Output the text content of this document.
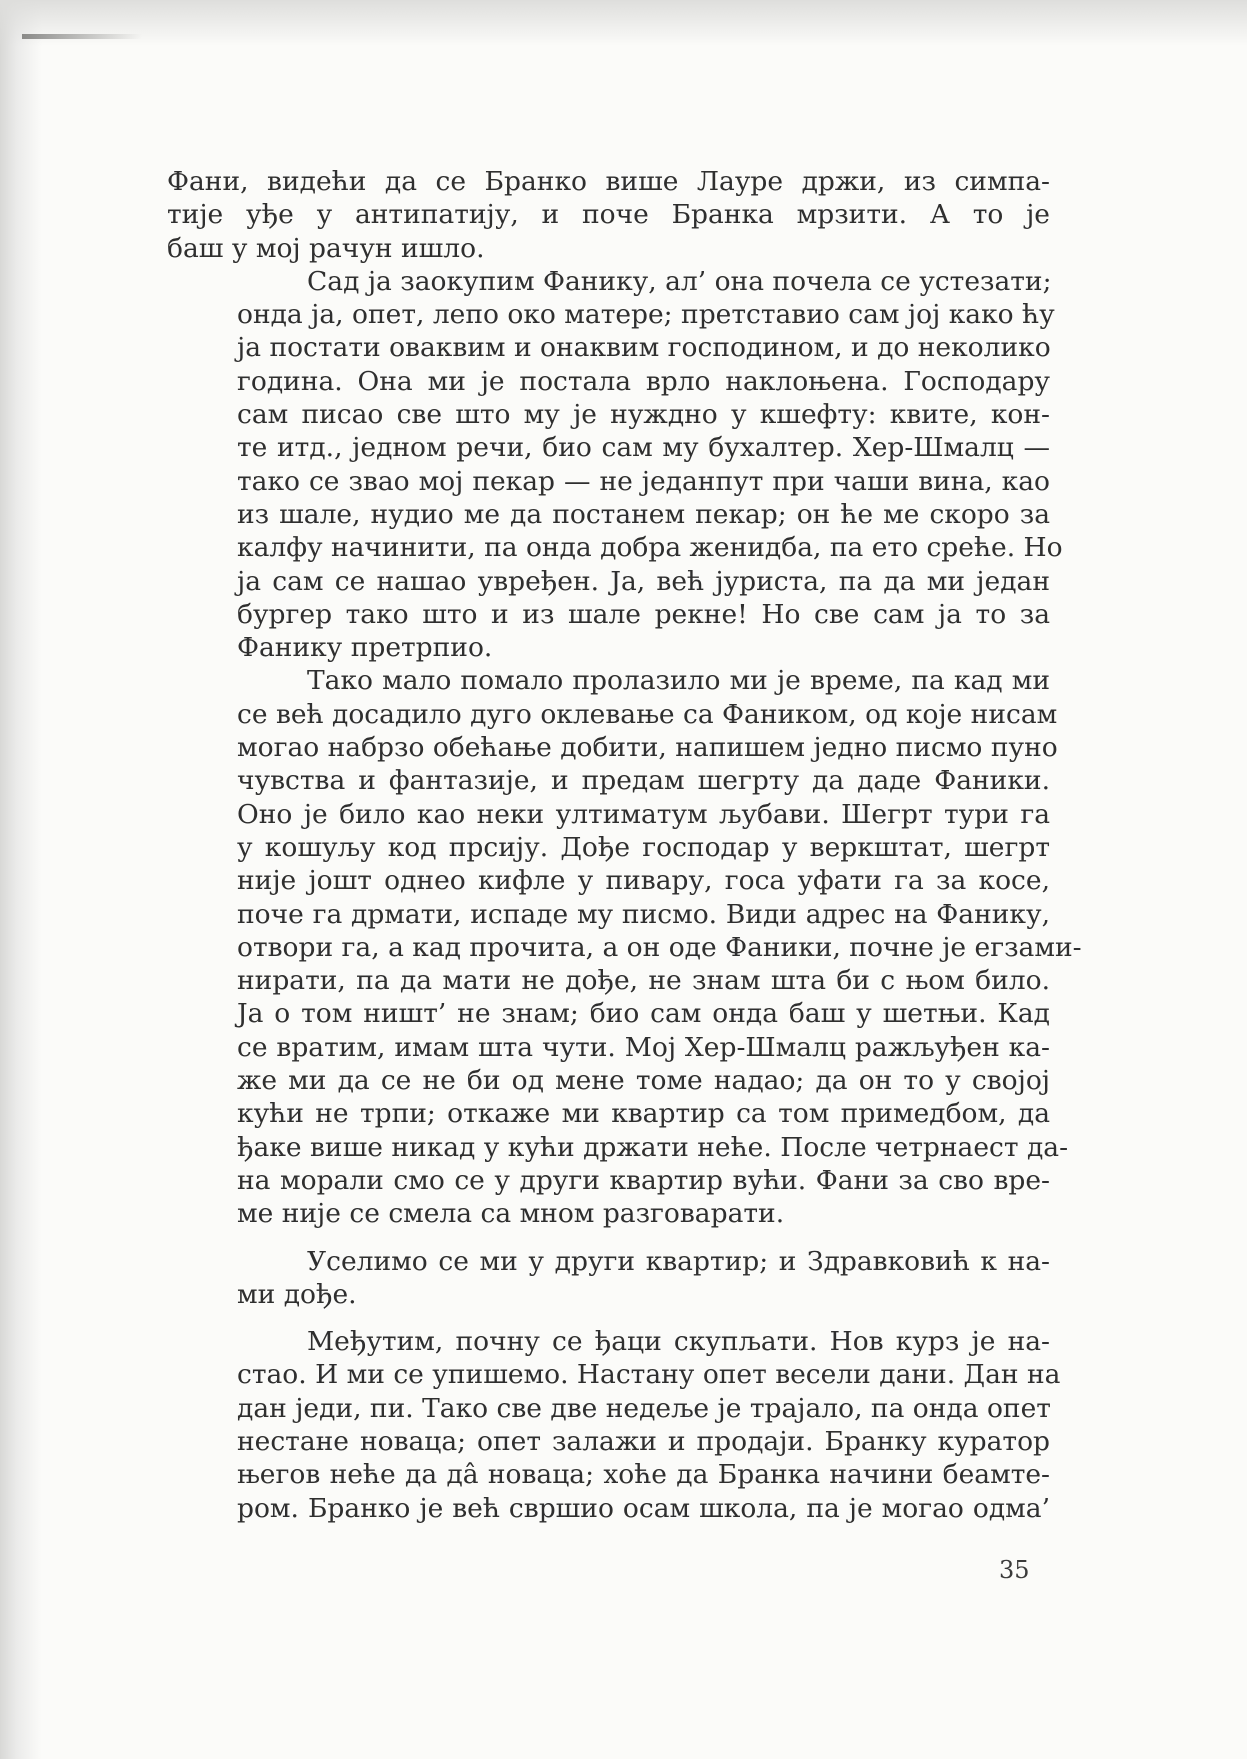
Фани, видећи да се Бранко више Лауре држи, из симпа-
тије уђе у антипатију, и поче Бранка мрзити. А то је
баш у мој рачун ишло.
Сад ја заокупим Фанику, ал’ она почела се устезати;
онда ја, опет, лепо око матере; претставио сам јој како ћу
ја постати оваквим и онаквим господином, и до неколико
година. Она ми је постала врло наклоњена. Господару
сам писао све што му је нуждно у кшефту: квите, кон-
те итд., једном речи, био сам му бухалтер. Хер-Шмалц —
тако се звао мој пекар — не једанпут при чаши вина, као
из шале, нудио ме да постанем пекар; он ће ме скоро за
калфу начинити, па онда добра женидба, па ето среће. Но
ја сам се нашао увређен. Ја, већ јуриста, па да ми један
бургер тако што и из шале рекне! Но све сам ја то за
Фанику претрпио.
Тако мало помало пролазило ми је време, па кад ми
се већ досадило дуго оклевање са Фаником, од које нисам
могао набрзо обећање добити, напишем једно писмо пуно
чувства и фантазије, и предам шегрту да даде Фаники.
Оно је било као неки ултиматум љубави. Шегрт тури га
у кошуљу код прсију. Дође господар у веркштат, шегрт
није јошт однео кифле у пивару, госа уфати га за косе,
поче га дрмати, испаде му писмо. Види адрес на Фанику,
отвори га, а кад прочита, а он оде Фаники, почне је егзами-
нирати, па да мати не дође, не знам шта би с њом било.
Ја о том ништ’ не знам; био сам онда баш у шетњи. Кад
се вратим, имам шта чути. Мој Хер-Шмалц ражљуђен ка-
же ми да се не би од мене томе надао; да он то у својој
кући не трпи; откаже ми квартир са том примедбом, да
ђаке више никад у кући држати неће. После четрнаест да-
на морали смо се у други квартир вући. Фани за сво вре-
ме није се смела са мном разговарати.
Уселимо се ми у други квартир; и Здравковић к на-
ми дође.
Међутим, почну се ђаци скупљати. Нов курз је на-
стао. И ми се упишемо. Настану опет весели дани. Дан на
дан једи, пи. Тако све две недеље је трајало, па онда опет
нестане новаца; опет залажи и продаји. Бранку куратор
његов неће да дâ новаца; хоће да Бранка начини беамте-
ром. Бранко је већ свршио осам школа, па је могао одма’
35
